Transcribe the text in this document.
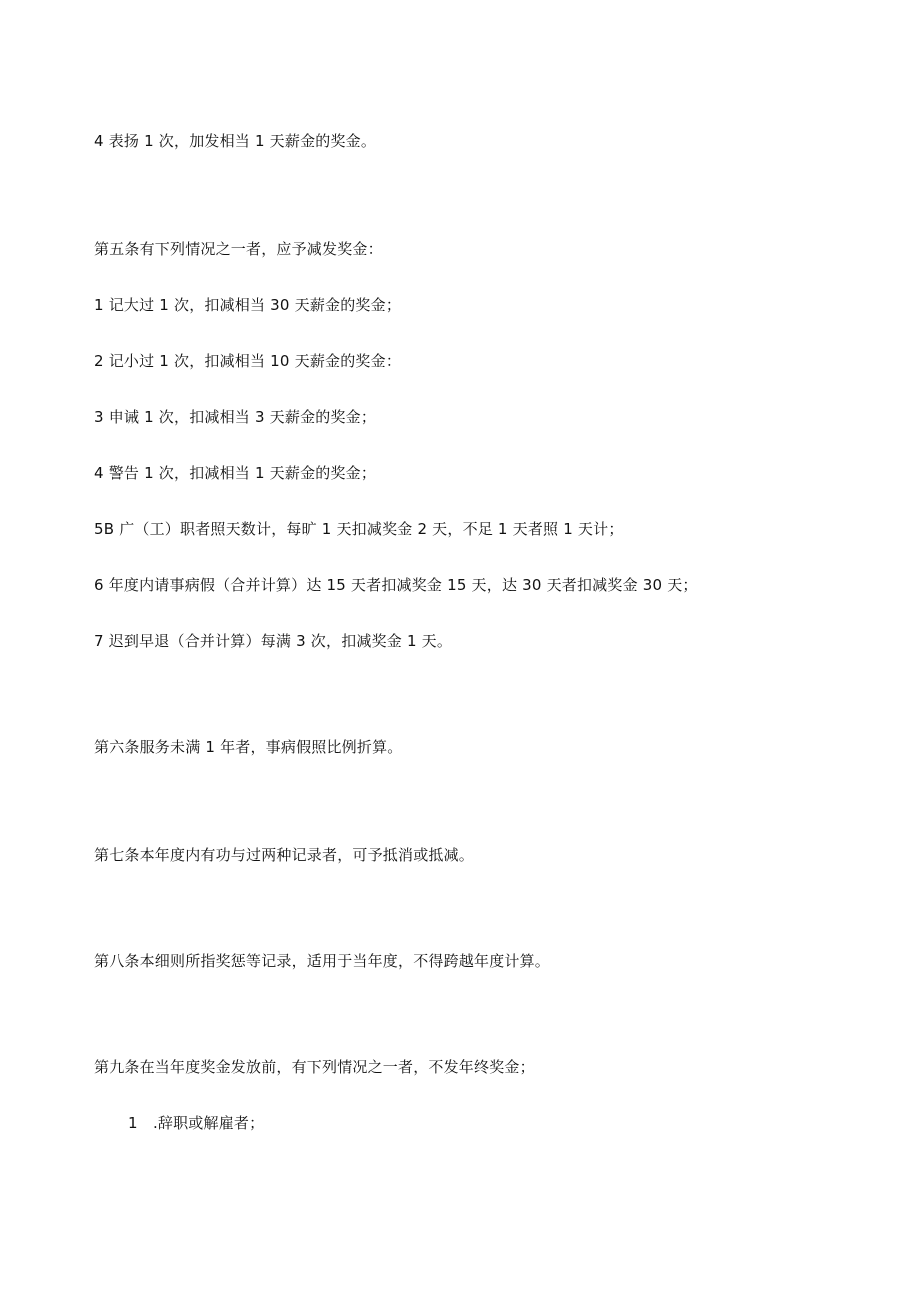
4 表扬 1 次，加发相当 1 天薪金的奖金。
第五条有下列情况之一者，应予减发奖金：
1 记大过 1 次，扣减相当 30 天薪金的奖金；
2 记小过 1 次，扣减相当 10 天薪金的奖金：
3 申诫 1 次，扣减相当 3 天薪金的奖金；
4 警告 1 次，扣减相当 1 天薪金的奖金；
5B 广（工）职者照天数计，每旷 1 天扣减奖金 2 天，不足 1 天者照 1 天计；
6 年度内请事病假（合并计算）达 15 天者扣减奖金 15 天，达 30 天者扣减奖金 30 天；
7 迟到早退（合并计算）每满 3 次，扣减奖金 1 天。
第六条服务未满 1 年者，事病假照比例折算。
第七条本年度内有功与过两种记录者，可予抵消或抵减。
第八条本细则所指奖惩等记录，适用于当年度，不得跨越年度计算。
第九条在当年度奖金发放前，有下列情况之一者，不发年终奖金；
1　.辞职或解雇者；
